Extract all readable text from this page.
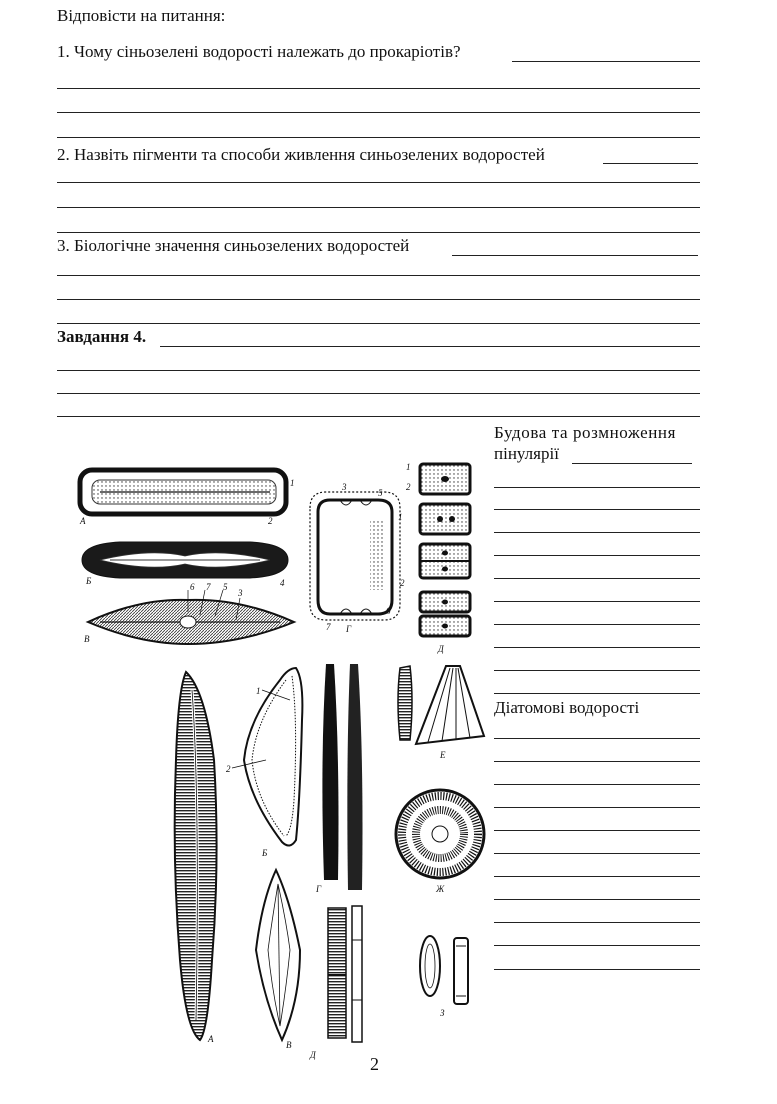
Відповісти на питання:
1. Чому сіньозелені водорості належать до прокаріотів?
2. Назвіть пігменти та способи живлення синьозелених водоростей
3. Біологічне значення синьозелених водоростей
Завдання 4.
Будова та розмноження
пінулярії
Діатомові водорості
1
2
А
Б
3
4
5
6 7
В
3
5
1
2
6
7 Г
1
2
Д
А
1
2
Б
В
Г
Д
Е
Ж
З
2
